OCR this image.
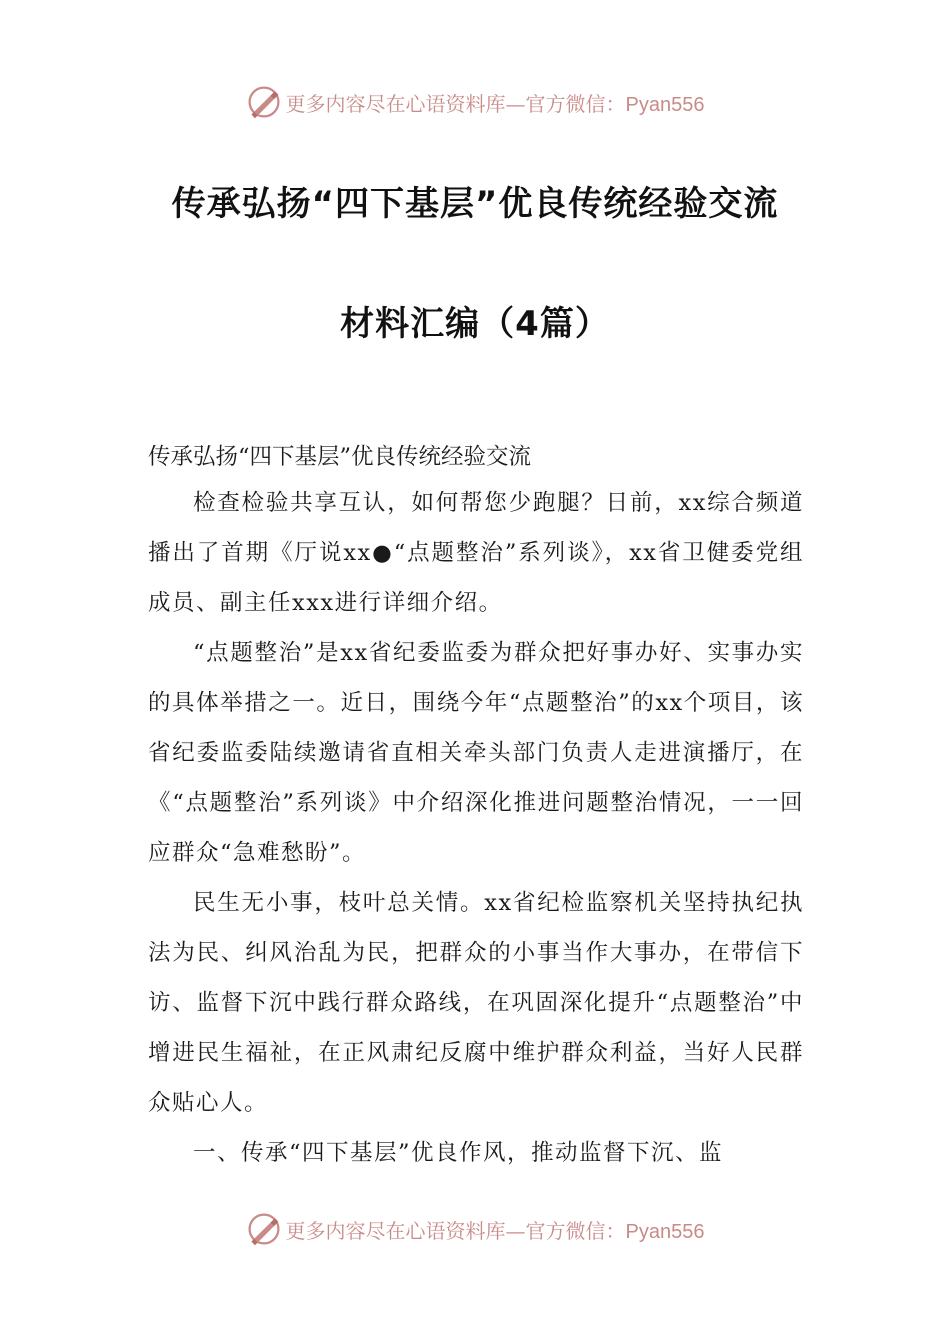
更多内容尽在心语资料库—官方微信：Pyan556
传承弘扬“四下基层”优良传统经验交流
材料汇编（4篇）
传承弘扬“四下基层”优良传统经验交流

检查检验共享互认，如何帮您少跑腿？日前，xx综合频道播出了首期《厅说xx●“点题整治”系列谈》，xx省卫健委党组成员、副主任xxx进行详细介绍。

“点题整治”是xx省纪委监委为群众把好事办好、实事办实的具体举措之一。近日，围绕今年“点题整治”的xx个项目，该省纪委监委陆续邀请省直相关牵头部门负责人走进演播厅，在《“点题整治”系列谈》中介绍深化推进问题整治情况，一一回应群众“急难愁盼”。

民生无小事，枝叶总关情。xx省纪检监察机关坚持执纪执法为民、纠风治乱为民，把群众的小事当作大事办，在带信下访、监督下沉中践行群众路线，在巩固深化提升“点题整治”中增进民生福祉，在正风肃纪反腐中维护群众利益，当好人民群众贴心人。

一、传承“四下基层”优良作风，推动监督下沉、监

更多内容尽在心语资料库—官方微信：Pyan556
